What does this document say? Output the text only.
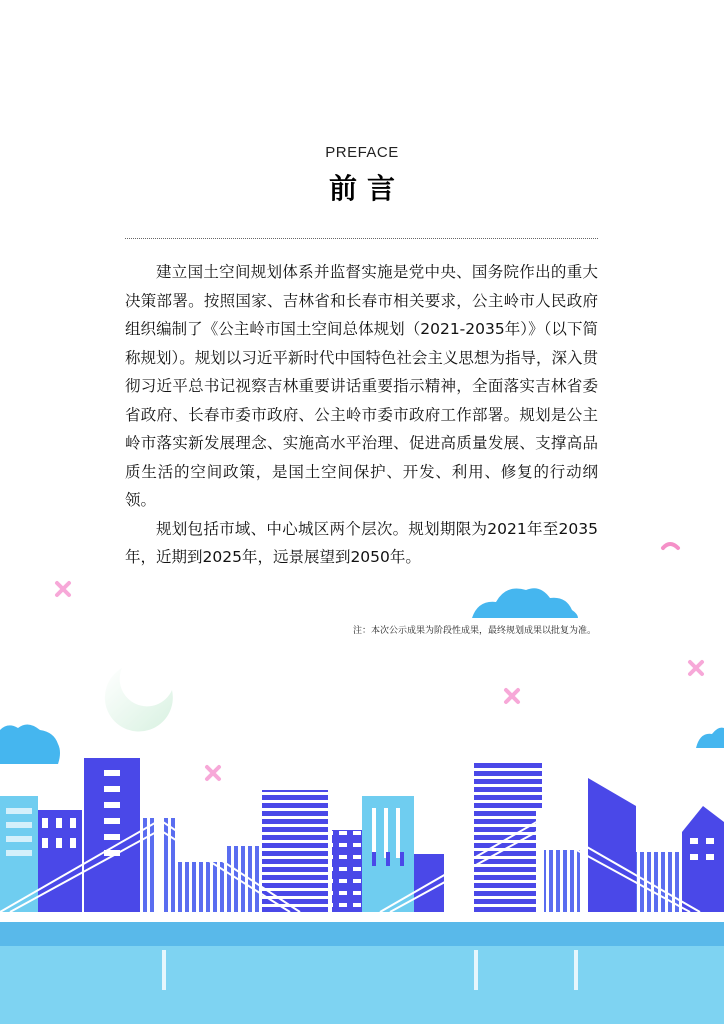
PREFACE
前言

建立国土空间规划体系并监督实施是党中央、国务院作出的重大决策部署。按照国家、吉林省和长春市相关要求，公主岭市人民政府组织编制了《公主岭市国土空间总体规划（2021-2035年）》（以下简称规划）。规划以习近平新时代中国特色社会主义思想为指导，深入贯彻习近平总书记视察吉林重要讲话重要指示精神，全面落实吉林省委省政府、长春市委市政府、公主岭市委市政府工作部署。规划是公主岭市落实新发展理念、实施高水平治理、促进高质量发展、支撑高品质生活的空间政策，是国土空间保护、开发、利用、修复的行动纲领。

规划包括市域、中心城区两个层次。规划期限为2021年至2035年，近期到2025年，远景展望到2050年。

注：本次公示成果为阶段性成果，最终规划成果以批复为准。
